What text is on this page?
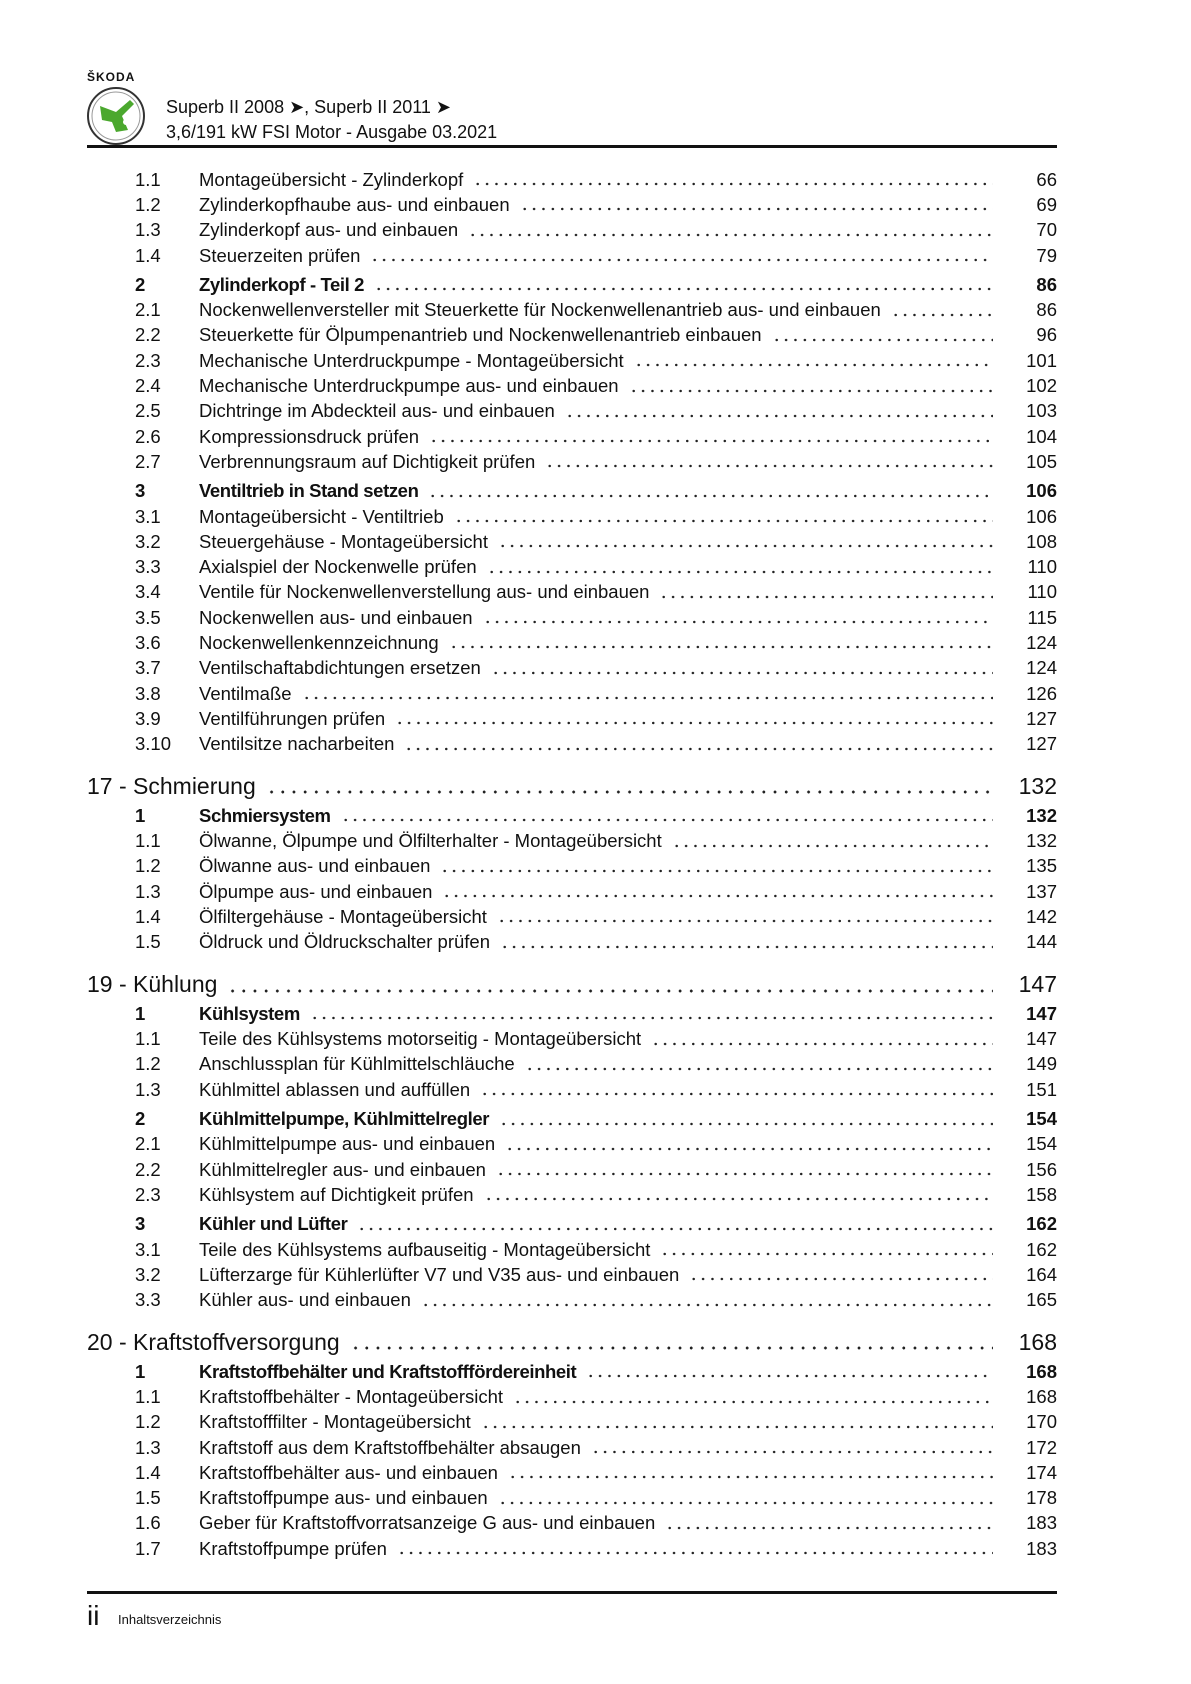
ŠKODA
Superb II 2008 ➤, Superb II 2011 ➤
3,6/191 kW FSI Motor - Ausgabe 03.2021
1.1	Montageübersicht - Zylinderkopf	66
1.2	Zylinderkopfhaube aus- und einbauen	69
1.3	Zylinderkopf aus- und einbauen	70
1.4	Steuerzeiten prüfen	79
2	Zylinderkopf - Teil 2	86
2.1	Nockenwellenversteller mit Steuerkette für Nockenwellenantrieb aus- und einbauen	86
2.2	Steuerkette für Ölpumpenantrieb und Nockenwellenantrieb einbauen	96
2.3	Mechanische Unterdruckpumpe - Montageübersicht	101
2.4	Mechanische Unterdruckpumpe aus- und einbauen	102
2.5	Dichtringe im Abdeckteil aus- und einbauen	103
2.6	Kompressionsdruck prüfen	104
2.7	Verbrennungsraum auf Dichtigkeit prüfen	105
3	Ventiltrieb in Stand setzen	106
3.1	Montageübersicht - Ventiltrieb	106
3.2	Steuergehäuse - Montageübersicht	108
3.3	Axialspiel der Nockenwelle prüfen	110
3.4	Ventile für Nockenwellenverstellung aus- und einbauen	110
3.5	Nockenwellen aus- und einbauen	115
3.6	Nockenwellenkennzeichnung	124
3.7	Ventilschaftabdichtungen ersetzen	124
3.8	Ventilmaße	126
3.9	Ventilführungen prüfen	127
3.10	Ventilsitze nacharbeiten	127
17 - Schmierung	132
1	Schmiersystem	132
1.1	Ölwanne, Ölpumpe und Ölfilterhalter - Montageübersicht	132
1.2	Ölwanne aus- und einbauen	135
1.3	Ölpumpe aus- und einbauen	137
1.4	Ölfiltergehäuse - Montageübersicht	142
1.5	Öldruck und Öldruckschalter prüfen	144
19 - Kühlung	147
1	Kühlsystem	147
1.1	Teile des Kühlsystems motorseitig - Montageübersicht	147
1.2	Anschlussplan für Kühlmittelschläuche	149
1.3	Kühlmittel ablassen und auffüllen	151
2	Kühlmittelpumpe, Kühlmittelregler	154
2.1	Kühlmittelpumpe aus- und einbauen	154
2.2	Kühlmittelregler aus- und einbauen	156
2.3	Kühlsystem auf Dichtigkeit prüfen	158
3	Kühler und Lüfter	162
3.1	Teile des Kühlsystems aufbauseitig - Montageübersicht	162
3.2	Lüfterzarge für Kühlerlüfter V7 und V35 aus- und einbauen	164
3.3	Kühler aus- und einbauen	165
20 - Kraftstoffversorgung	168
1	Kraftstoffbehälter und Kraftstofffördereinheit	168
1.1	Kraftstoffbehälter - Montageübersicht	168
1.2	Kraftstofffilter - Montageübersicht	170
1.3	Kraftstoff aus dem Kraftstoffbehälter absaugen	172
1.4	Kraftstoffbehälter aus- und einbauen	174
1.5	Kraftstoffpumpe aus- und einbauen	178
1.6	Geber für Kraftstoffvorratsanzeige G aus- und einbauen	183
1.7	Kraftstoffpumpe prüfen	183
ii Inhaltsverzeichnis
